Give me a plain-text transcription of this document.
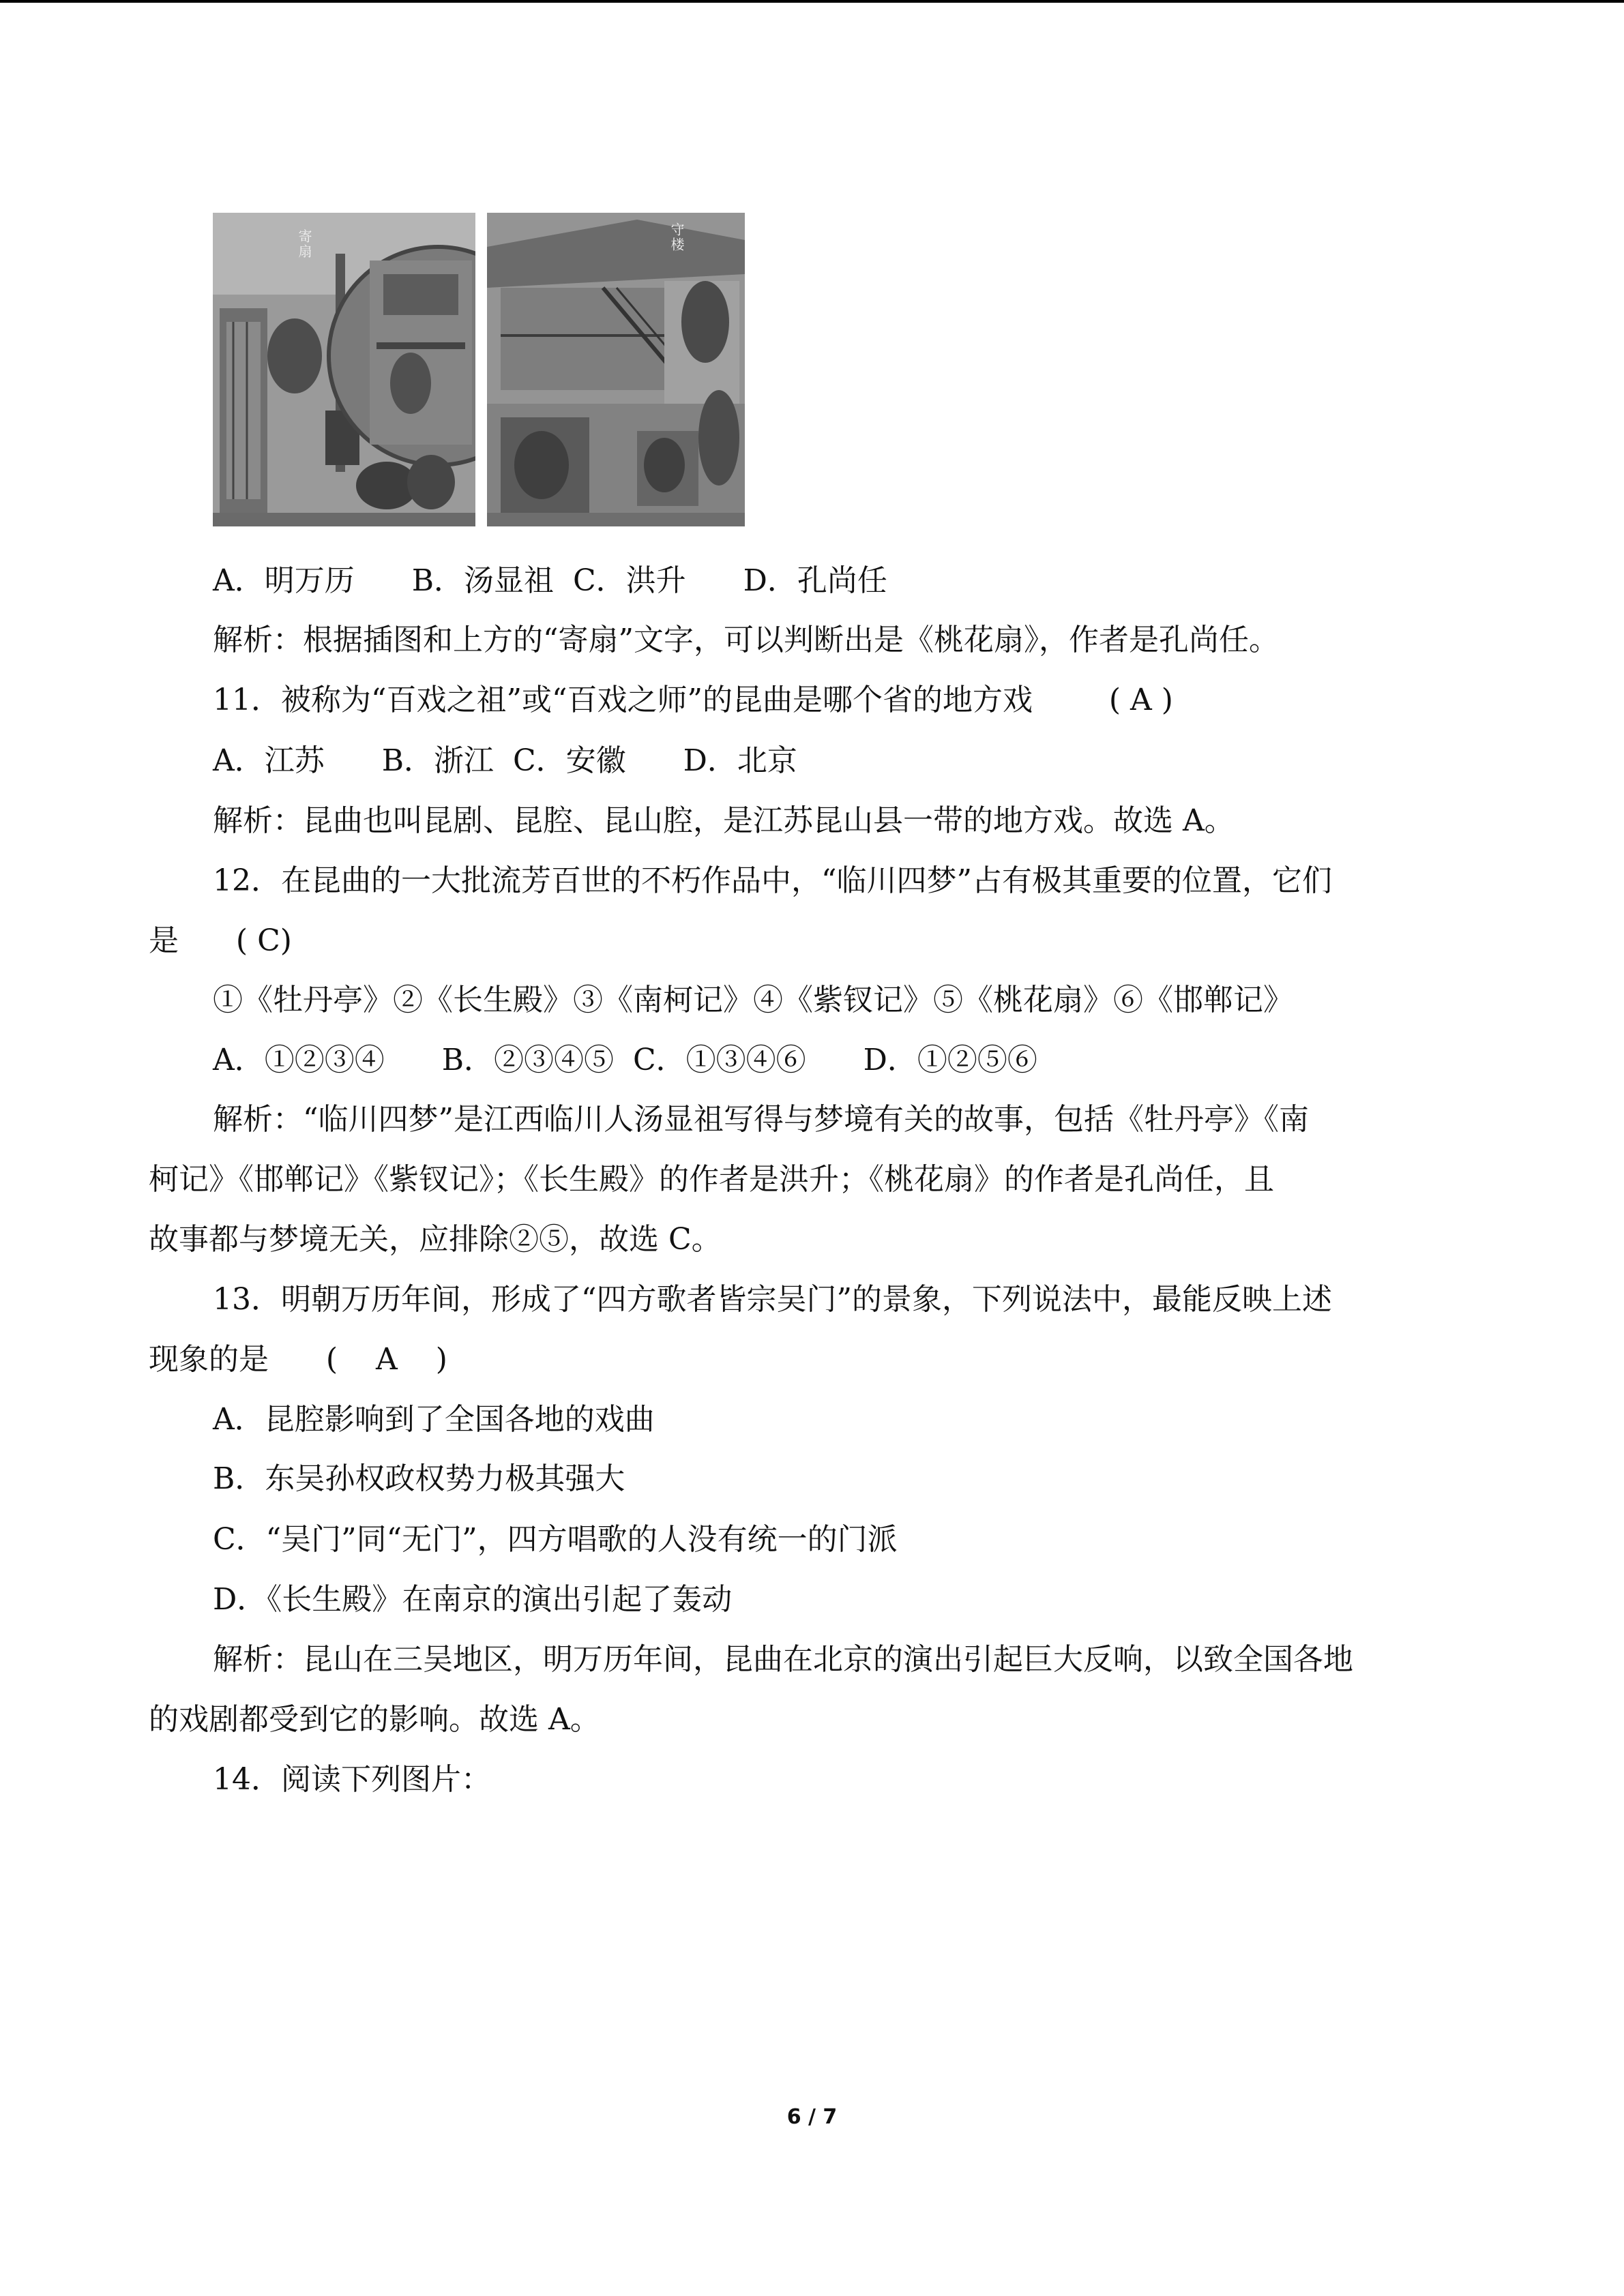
寄扇	守楼
A．明万历      B．汤显祖  C．洪升      D．孔尚任
解析：根据插图和上方的“寄扇”文字，可以判断出是《桃花扇》，作者是孔尚任。
11．被称为“百戏之祖”或“百戏之师”的昆曲是哪个省的地方戏        ( A )
A．江苏      B．浙江  C．安徽      D．北京
解析：昆曲也叫昆剧、昆腔、昆山腔，是江苏昆山县一带的地方戏。故选 A。
12．在昆曲的一大批流芳百世的不朽作品中，“临川四梦”占有极其重要的位置，它们
是      ( C)
①《牡丹亭》②《长生殿》③《南柯记》④《紫钗记》⑤《桃花扇》⑥《邯郸记》
A．①②③④      B．②③④⑤  C．①③④⑥      D．①②⑤⑥
解析：“临川四梦”是江西临川人汤显祖写得与梦境有关的故事，包括《牡丹亭》《南
柯记》《邯郸记》《紫钗记》；《长生殿》的作者是洪升；《桃花扇》的作者是孔尚任，且
故事都与梦境无关，应排除②⑤，故选 C。
13．明朝万历年间，形成了“四方歌者皆宗吴门”的景象，下列说法中，最能反映上述
现象的是      (    A    )
A．昆腔影响到了全国各地的戏曲
B．东吴孙权政权势力极其强大
C．“吴门”同“无门”，四方唱歌的人没有统一的门派
D．《长生殿》在南京的演出引起了轰动
解析：昆山在三吴地区，明万历年间，昆曲在北京的演出引起巨大反响，以致全国各地
的戏剧都受到它的影响。故选 A。
14．阅读下列图片：
6 / 7
